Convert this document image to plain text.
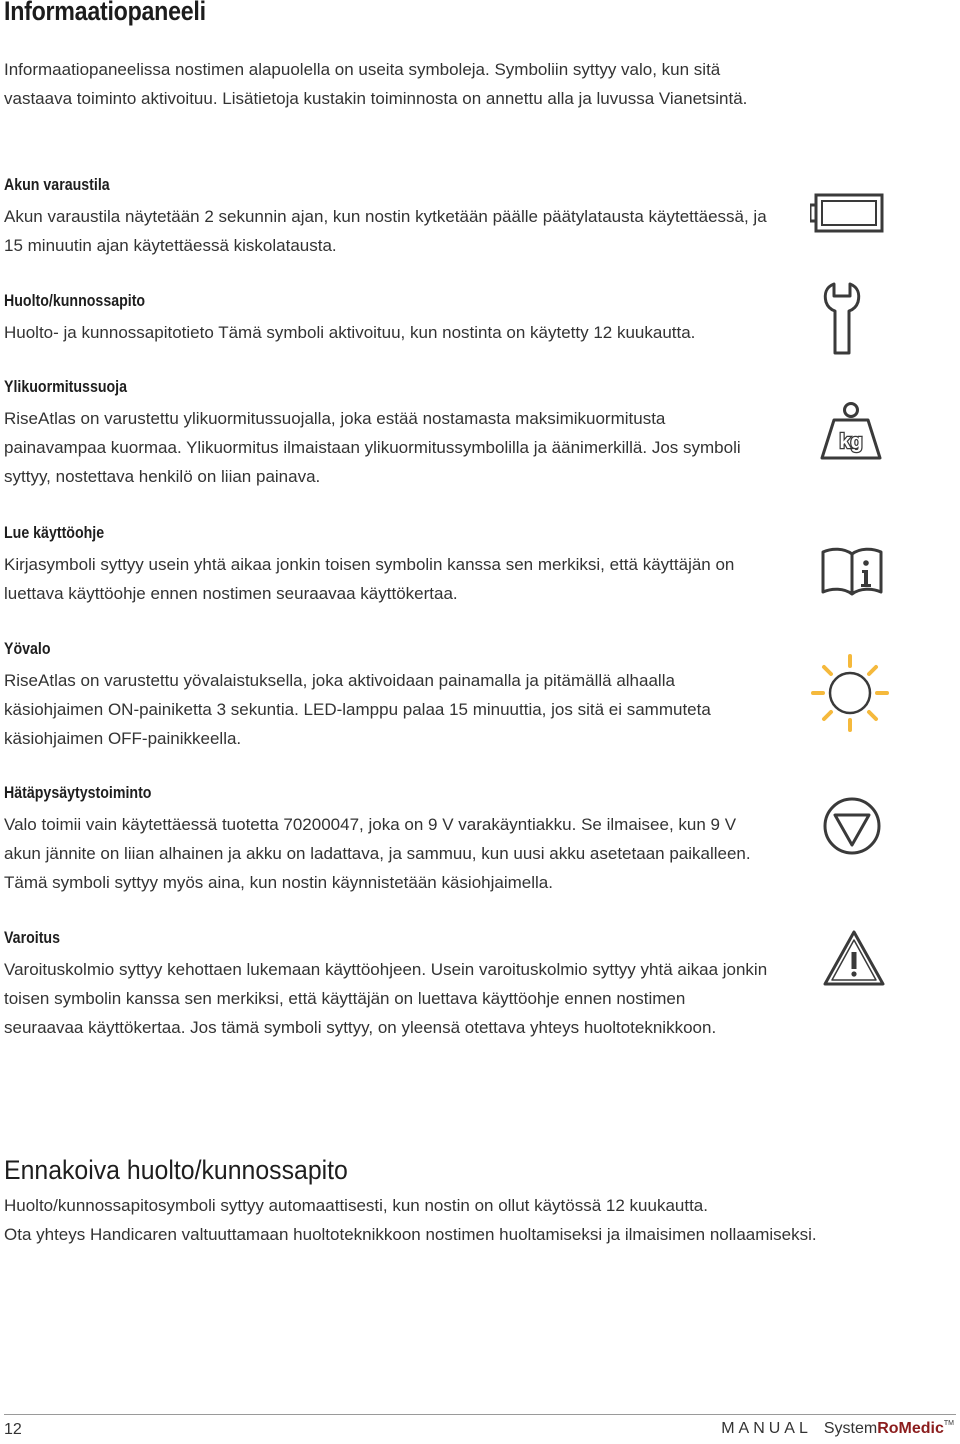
Informaatiopaneeli

Informaatiopaneelissa nostimen alapuolella on useita symboleja. Symboliin syttyy valo, kun sitä vastaava toiminto aktivoituu. Lisätietoja kustakin toiminnosta on annettu alla ja luvussa Vianetsintä.

Akun varaustila

Akun varaustila näytetään 2 sekunnin ajan, kun nostin kytketään päälle päätylatausta käytettäessä, ja 15 minuutin ajan käytettäessä kiskolatausta.

Huolto/kunnossapito

Huolto- ja kunnossapitotieto Tämä symboli aktivoituu, kun nostinta on käytetty 12 kuukautta.

Ylikuormitussuoja

RiseAtlas on varustettu ylikuormitussuojalla, joka estää nostamasta maksimikuormitusta painavampaa kuormaa. Ylikuormitus ilmaistaan ylikuormitussymbolilla ja äänimerkillä. Jos symboli syttyy, nostettava henkilö on liian painava.

Lue käyttöohje

Kirjasymboli syttyy usein yhtä aikaa jonkin toisen symbolin kanssa sen merkiksi, että käyttäjän on luettava käyttöohje ennen nostimen seuraavaa käyttökertaa.

Yövalo

RiseAtlas on varustettu yövalaistuksella, joka aktivoidaan painamalla ja pitämällä alhaalla käsiohjaimen ON-painiketta 3 sekuntia. LED-lamppu palaa 15 minuuttia, jos sitä ei sammuteta käsiohjaimen OFF-painikkeella.

Hätäpysäytystoiminto

Valo toimii vain käytettäessä tuotetta 70200047, joka on 9 V varakäyntiakku. Se ilmaisee, kun 9 V akun jännite on liian alhainen ja akku on ladattava, ja sammuu, kun uusi akku asetetaan paikalleen. Tämä symboli syttyy myös aina, kun nostin käynnistetään käsiohjaimella.

Varoitus

Varoituskolmio syttyy kehottaen lukemaan käyttöohjeen. Usein varoituskolmio syttyy yhtä aikaa jonkin toisen symbolin kanssa sen merkiksi, että käyttäjän on luettava käyttöohje ennen nostimen seuraavaa käyttökertaa. Jos tämä symboli syttyy, on yleensä otettava yhteys huoltoteknikkoon.

kg
Ennakoiva huolto/kunnossapito

Huolto/kunnossapitosymboli syttyy automaattisesti, kun nostin on ollut käytössä 12 kuukautta.
Ota yhteys Handicaren valtuuttamaan huoltoteknikkoon nostimen huoltamiseksi ja ilmaisimen nollaamiseksi.

12	MANUAL SystemRoMedic™
